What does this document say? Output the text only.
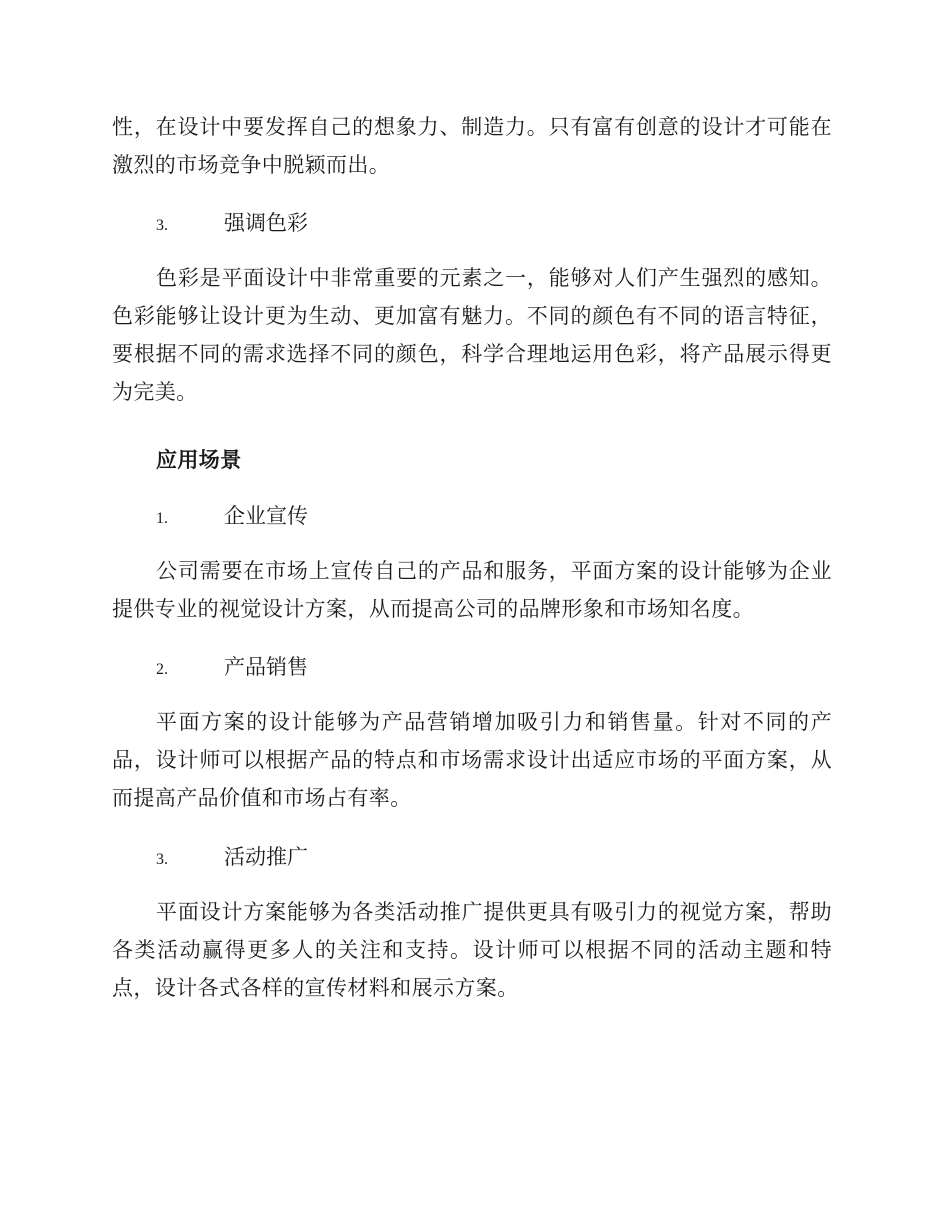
性，在设计中要发挥自己的想象力、制造力。只有富有创意的设计才可能在激烈的市场竞争中脱颖而出。
3.	强调色彩
色彩是平面设计中非常重要的元素之一，能够对人们产生强烈的感知。色彩能够让设计更为生动、更加富有魅力。不同的颜色有不同的语言特征，要根据不同的需求选择不同的颜色，科学合理地运用色彩，将产品展示得更为完美。
应用场景
1.	企业宣传
公司需要在市场上宣传自己的产品和服务，平面方案的设计能够为企业提供专业的视觉设计方案，从而提高公司的品牌形象和市场知名度。
2.	产品销售
平面方案的设计能够为产品营销增加吸引力和销售量。针对不同的产品，设计师可以根据产品的特点和市场需求设计出适应市场的平面方案，从而提高产品价值和市场占有率。
3.	活动推广
平面设计方案能够为各类活动推广提供更具有吸引力的视觉方案，帮助各类活动赢得更多人的关注和支持。设计师可以根据不同的活动主题和特点，设计各式各样的宣传材料和展示方案。
